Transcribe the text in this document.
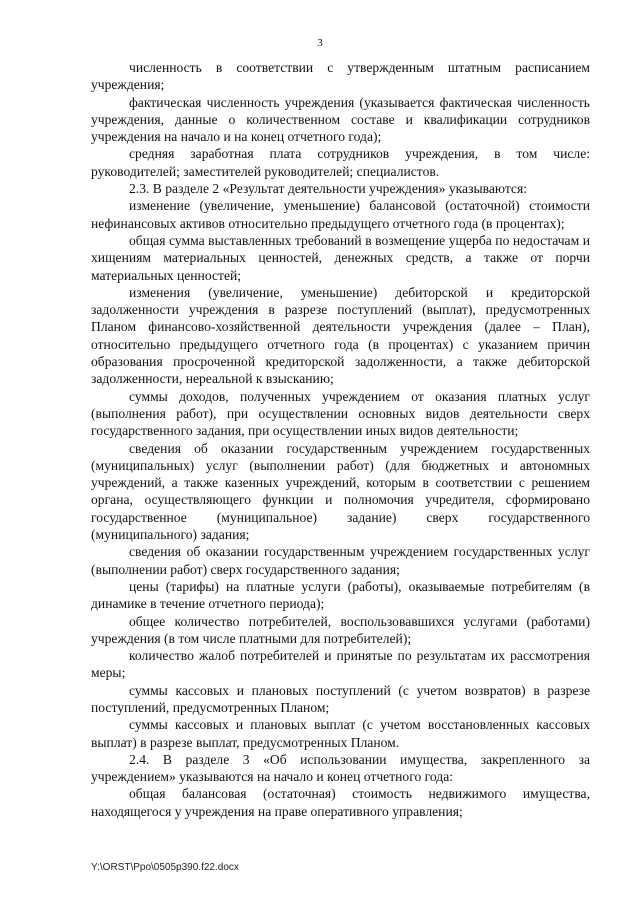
3

численность в соответствии с утвержденным штатным расписанием учреждения;

фактическая численность учреждения (указывается фактическая численность учреждения, данные о количественном составе и квалификации сотрудников учреждения на начало и на конец отчетного года);

средняя заработная плата сотрудников учреждения, в том числе: руководителей; заместителей руководителей; специалистов.

2.3. В разделе 2 «Результат деятельности учреждения» указываются:

изменение (увеличение, уменьшение) балансовой (остаточной) стоимости нефинансовых активов относительно предыдущего отчетного года (в процентах);

общая сумма выставленных требований в возмещение ущерба по недостачам и хищениям материальных ценностей, денежных средств, а также от порчи материальных ценностей;

изменения (увеличение, уменьшение) дебиторской и кредиторской задолженности учреждения в разрезе поступлений (выплат), предусмотренных Планом финансово-хозяйственной деятельности учреждения (далее – План), относительно предыдущего отчетного года (в процентах) с указанием причин образования просроченной кредиторской задолженности, а также дебиторской задолженности, нереальной к взысканию;

суммы доходов, полученных учреждением от оказания платных услуг (выполнения работ), при осуществлении основных видов деятельности сверх государственного задания, при осуществлении иных видов деятельности;

сведения об оказании государственным учреждением государственных (муниципальных) услуг (выполнении работ) (для бюджетных и автономных учреждений, а также казенных учреждений, которым в соответствии с решением органа, осуществляющего функции и полномочия учредителя, сформировано государственное (муниципальное) задание) сверх государственного (муниципального) задания;

сведения об оказании государственным учреждением государственных услуг (выполнении работ) сверх государственного задания;

цены (тарифы) на платные услуги (работы), оказываемые потребителям (в динамике в течение отчетного периода);

общее количество потребителей, воспользовавшихся услугами (работами) учреждения (в том числе платными для потребителей);

количество жалоб потребителей и принятые по результатам их рассмотрения меры;

суммы кассовых и плановых поступлений (с учетом возвратов) в разрезе поступлений, предусмотренных Планом;

суммы кассовых и плановых выплат (с учетом восстановленных кассовых выплат) в разрезе выплат, предусмотренных Планом.

2.4. В разделе 3 «Об использовании имущества, закрепленного за учреждением» указываются на начало и конец отчетного года:

общая балансовая (остаточная) стоимость недвижимого имущества, находящегося у учреждения на праве оперативного управления;

Y:\ORST\Ppo\0505p390.f22.docx
